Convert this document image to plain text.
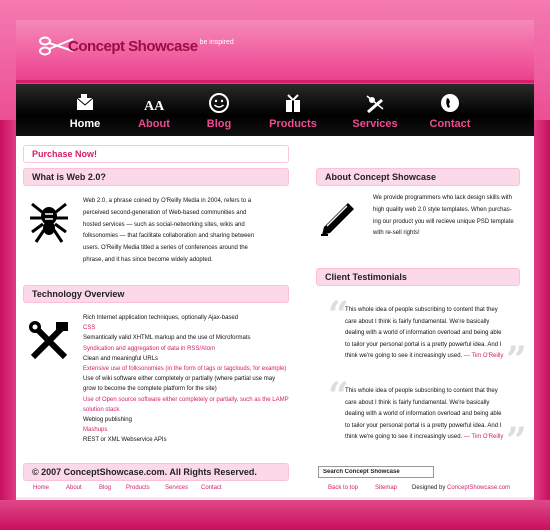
Concept Showcase be inspired
Home
AA
About	Blog	Products	Services	Contact
Purchase Now!
What is Web 2.0?
Web 2.0, a phrase coined by O'Reilly Media in 2004, refers to a
perceived second-generation of Web-based communities and
hosted services — such as social-networking sites, wikis and
folksonomies — that facilitate collaboration and sharing between
users. O'Reilly Media titled a series of conferences around the
phrase, and it has since become widely adopted.
Technology Overview
Rich Internet application techniques, optionally Ajax-based
CSS
Semantically valid XHTML markup and the use of Microformats
Syndication and aggregation of data in RSS/Atom
Clean and meaningful URLs
Extensive use of folksonomies (in the form of tags or tagclouds, for example)
Use of wiki software either completely or partially (where partial use may
grow to become the complete platform for the site)
Use of Open source software either completely or partially, such as the LAMP
solution stack
Weblog publishing
Mashups
REST or XML Webservice APIs
About Concept Showcase
We provide programmers who lack design skills with
high quality web 2.0 style templates. When purchas-
ing our product you will recieve unique PSD template
with re-sell rights!
Client Testimonials
“
This whole idea of people subscribing to content that they
care about I think is fairly fundamental. We're basically
dealing with a world of information overload and being able
to tailor your personal portal is a pretty powerful idea. And I
think we're going to see it increasingly used. — Tim O'Reilly ”
“
This whole idea of people subscribing to content that they
care about I think is fairly fundamental. We're basically
dealing with a world of information overload and being able
to tailor your personal portal is a pretty powerful idea. And I
think we're going to see it increasingly used. — Tim O'Reilly ”
© 2007 ConceptShowcase.com. All Rights Reserved.
Home	About	Blog Products	Services Contact
Search Concept Showcase	Back to top	Sitemap Designed by ConceptShowcase.com
